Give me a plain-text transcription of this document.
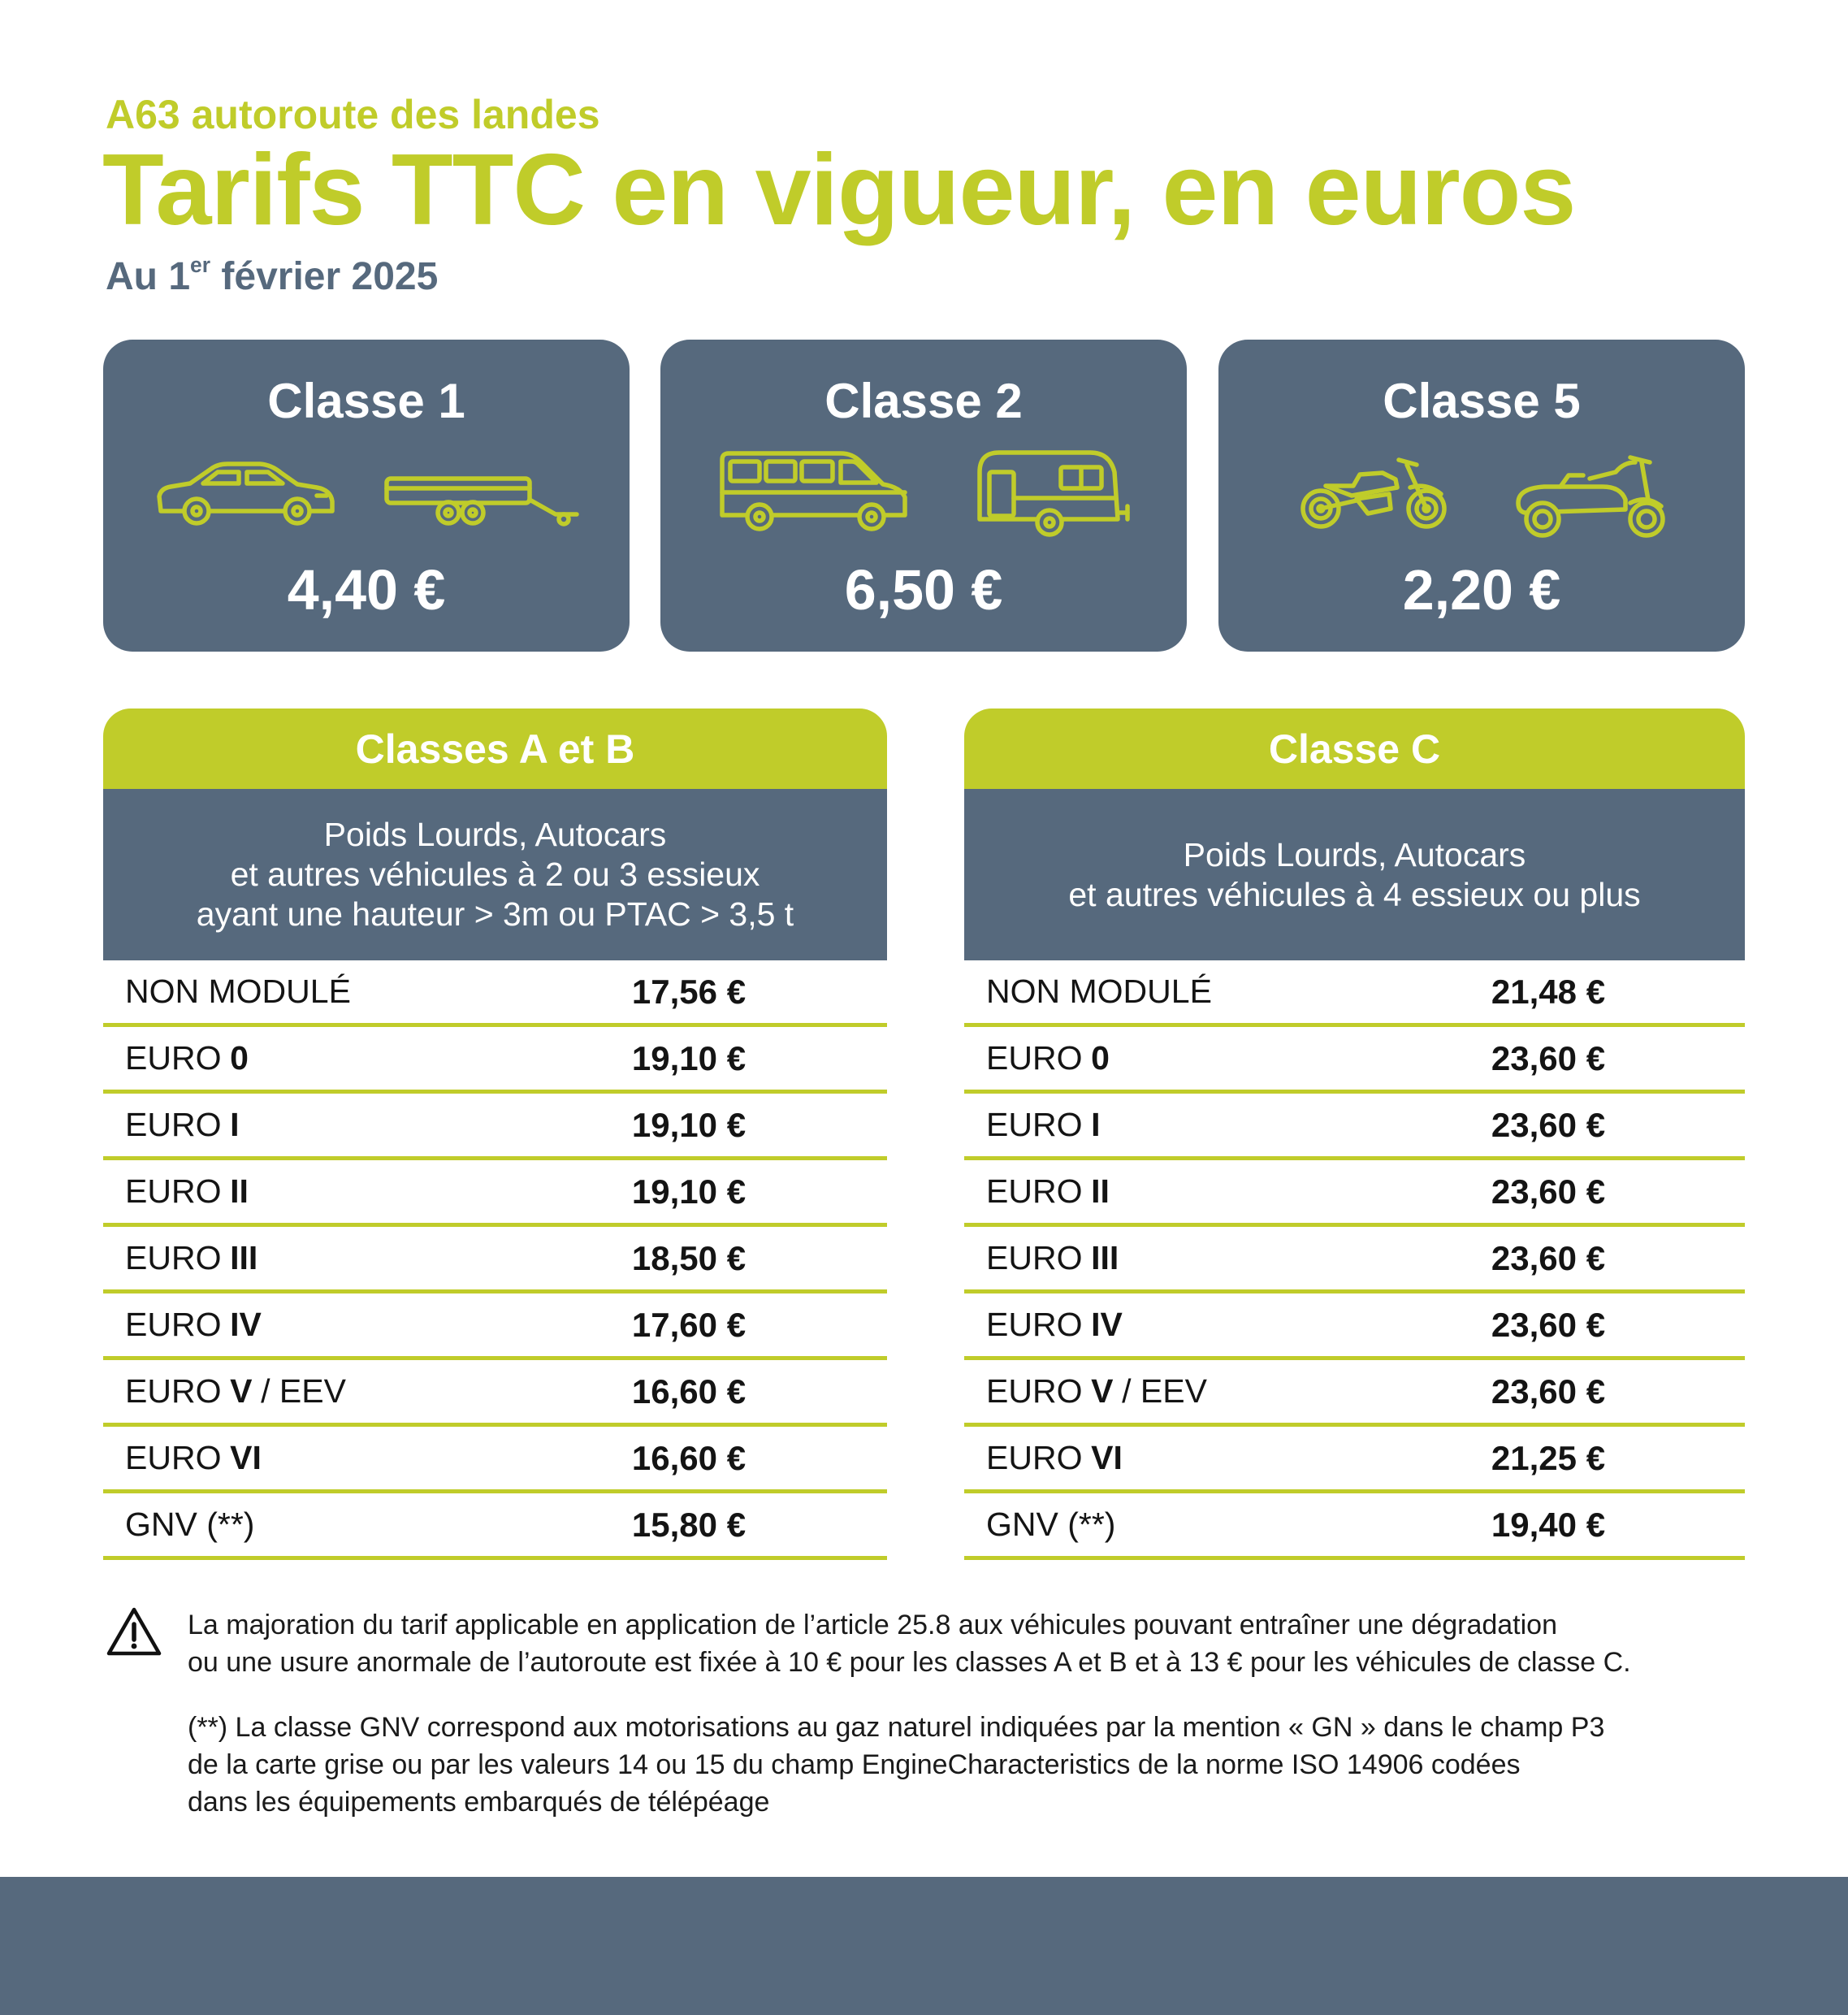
A63 autoroute des landes
Tarifs TTC en vigueur, en euros
Au 1er février 2025
Classe 1
4,40 €
Classe 2
6,50 €
Classe 5
2,20 €
Classes A et B
Poids Lourds, Autocars
et autres véhicules à 2 ou 3 essieux
ayant une hauteur > 3m ou PTAC > 3,5 t
NON MODULÉ	17,56 €
EURO 0	19,10 €
EURO I	19,10 €
EURO II	19,10 €
EURO III	18,50 €
EURO IV	17,60 €
EURO V / EEV	16,60 €
EURO VI	16,60 €
GNV (**)	15,80 €
Classe C
Poids Lourds, Autocars
et autres véhicules à 4 essieux ou plus
NON MODULÉ	21,48 €
EURO 0	23,60 €
EURO I	23,60 €
EURO II	23,60 €
EURO III	23,60 €
EURO IV	23,60 €
EURO V / EEV	23,60 €
EURO VI	21,25 €
GNV (**)	19,40 €
La majoration du tarif applicable en application de l’article 25.8 aux véhicules pouvant entraîner une dégradation
ou une usure anormale de l’autoroute est fixée à 10 € pour les classes A et B et à 13 € pour les véhicules de classe C.
(**) La classe GNV correspond aux motorisations au gaz naturel indiquées par la mention « GN » dans le champ P3
de la carte grise ou par les valeurs 14 ou 15 du champ EngineCharacteristics de la norme ISO 14906 codées
dans les équipements embarqués de télépéage
